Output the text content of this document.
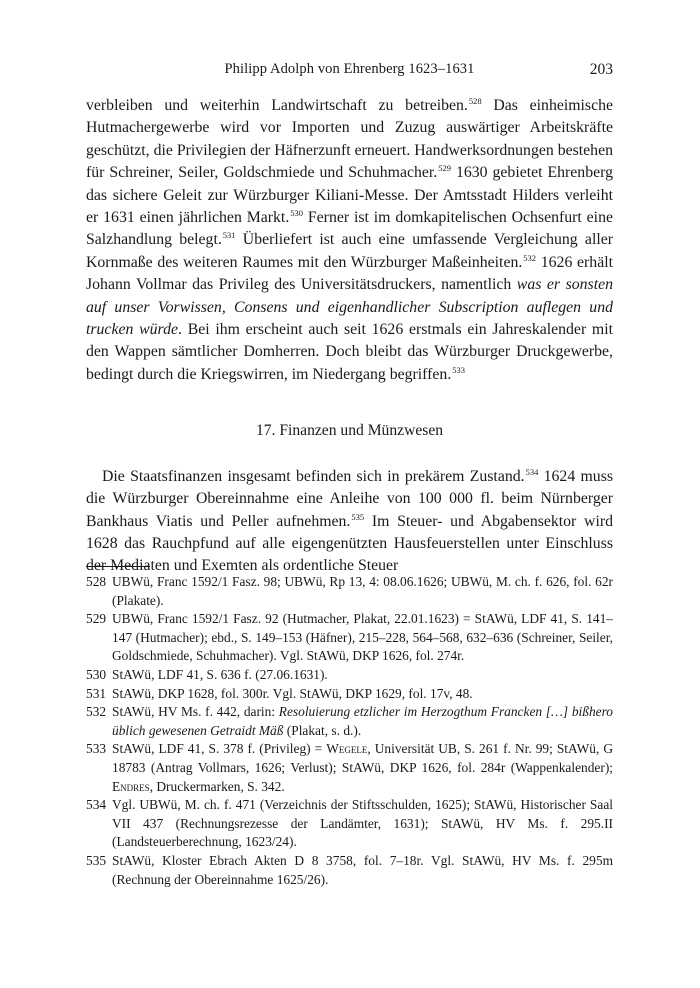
Philipp Adolph von Ehrenberg 1623–1631	203

verbleiben und weiterhin Landwirtschaft zu betreiben.$^{528}$ Das einheimische Hutmachergewerbe wird vor Importen und Zuzug auswärtiger Arbeitskräfte geschützt, die Privilegien der Häfnerzunft erneuert. Handwerksordnungen bestehen für Schreiner, Seiler, Goldschmiede und Schuhmacher.$^{529}$ 1630 gebietet Ehrenberg das sichere Geleit zur Würzburger Kiliani-Messe. Der Amtsstadt Hilders verleiht er 1631 einen jährlichen Markt.$^{530}$ Ferner ist im domkapitelischen Ochsenfurt eine Salzhandlung belegt.$^{531}$ Überliefert ist auch eine umfassende Vergleichung aller Kornmaße des weiteren Raumes mit den Würzburger Maßeinheiten.$^{532}$ 1626 erhält Johann Vollmar das Privileg des Universitätsdruckers, namentlich was er sonsten auf unser Vorwissen, Consens und eigenhandlicher Subscription auflegen und trucken würde. Bei ihm erscheint auch seit 1626 erstmals ein Jahreskalender mit den Wappen sämtlicher Domherren. Doch bleibt das Würzburger Druckgewerbe, bedingt durch die Kriegswirren, im Niedergang begriffen.$^{533}$

17. Finanzen und Münzwesen

Die Staatsfinanzen insgesamt befinden sich in prekärem Zustand.$^{534}$ 1624 muss die Würzburger Obereinnahme eine Anleihe von 100 000 fl. beim Nürnberger Bankhaus Viatis und Peller aufnehmen.$^{535}$ Im Steuer- und Abgabensektor wird 1628 das Rauchpfund auf alle eigengenützten Hausfeuerstellen unter Einschluss der Mediaten und Exemten als ordentliche Steuer

528 UBWü, Franc 1592/1 Fasz. 98; UBWü, Rp 13, 4: 08.06.1626; UBWü, M. ch. f. 626, fol. 62r (Plakate).
529 UBWü, Franc 1592/1 Fasz. 92 (Hutmacher, Plakat, 22.01.1623) = StAWü, LDF 41, S. 141–147 (Hutmacher); ebd., S. 149–153 (Häfner), 215–228, 564–568, 632–636 (Schreiner, Seiler, Goldschmiede, Schuhmacher). Vgl. StAWü, DKP 1626, fol. 274r.
530 StAWü, LDF 41, S. 636 f. (27.06.1631).
531 StAWü, DKP 1628, fol. 300r. Vgl. StAWü, DKP 1629, fol. 17v, 48.
532 StAWü, HV Ms. f. 442, darin: Resoluierung etzlicher im Herzogthum Francken […] bißhero üblich gewesenen Getraidt Mäß (Plakat, s. d.).
533 StAWü, LDF 41, S. 378 f. (Privileg) = Wegele, Universität UB, S. 261 f. Nr. 99; StAWü, G 18783 (Antrag Vollmars, 1626; Verlust); StAWü, DKP 1626, fol. 284r (Wappenkalender); Endres, Druckermarken, S. 342.
534 Vgl. UBWü, M. ch. f. 471 (Verzeichnis der Stiftsschulden, 1625); StAWü, Historischer Saal VII 437 (Rechnungsrezesse der Landämter, 1631); StAWü, HV Ms. f. 295.II (Landsteuerberechnung, 1623/24).
535 StAWü, Kloster Ebrach Akten D 8 3758, fol. 7–18r. Vgl. StAWü, HV Ms. f. 295m (Rechnung der Obereinnahme 1625/26).
